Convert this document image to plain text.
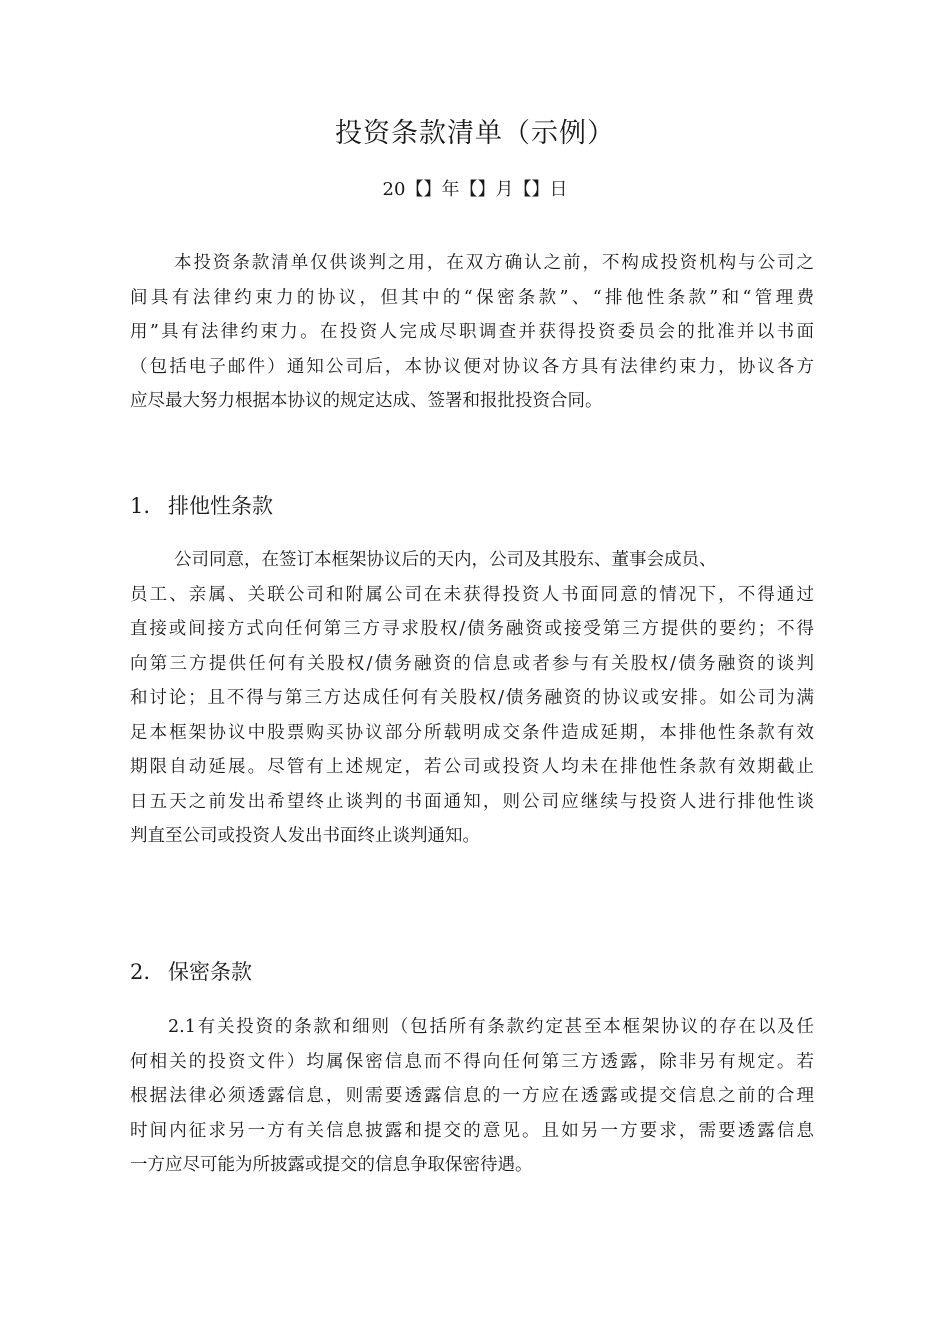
投资条款清单（示例）
20【】年【】月【】日
本投资条款清单仅供谈判之用，在双方确认之前，不构成投资机构与公司之
间具有法律约束力的协议，但其中的“保密条款”、“排他性条款”和“管理费
用”具有法律约束力。在投资人完成尽职调查并获得投资委员会的批准并以书面
（包括电子邮件）通知公司后，本协议便对协议各方具有法律约束力，协议各方
应尽最大努力根据本协议的规定达成、签署和报批投资合同。
1. 排他性条款
公司同意，在签订本框架协议后的天内，公司及其股东、董事会成员、
员工、亲属、关联公司和附属公司在未获得投资人书面同意的情况下，不得通过
直接或间接方式向任何第三方寻求股权/债务融资或接受第三方提供的要约；不得
向第三方提供任何有关股权/债务融资的信息或者参与有关股权/债务融资的谈判
和讨论；且不得与第三方达成任何有关股权/债务融资的协议或安排。如公司为满
足本框架协议中股票购买协议部分所载明成交条件造成延期，本排他性条款有效
期限自动延展。尽管有上述规定，若公司或投资人均未在排他性条款有效期截止
日五天之前发出希望终止谈判的书面通知，则公司应继续与投资人进行排他性谈
判直至公司或投资人发出书面终止谈判通知。
2. 保密条款
2.1有关投资的条款和细则（包括所有条款约定甚至本框架协议的存在以及任
何相关的投资文件）均属保密信息而不得向任何第三方透露，除非另有规定。若
根据法律必须透露信息，则需要透露信息的一方应在透露或提交信息之前的合理
时间内征求另一方有关信息披露和提交的意见。且如另一方要求，需要透露信息
一方应尽可能为所披露或提交的信息争取保密待遇。
